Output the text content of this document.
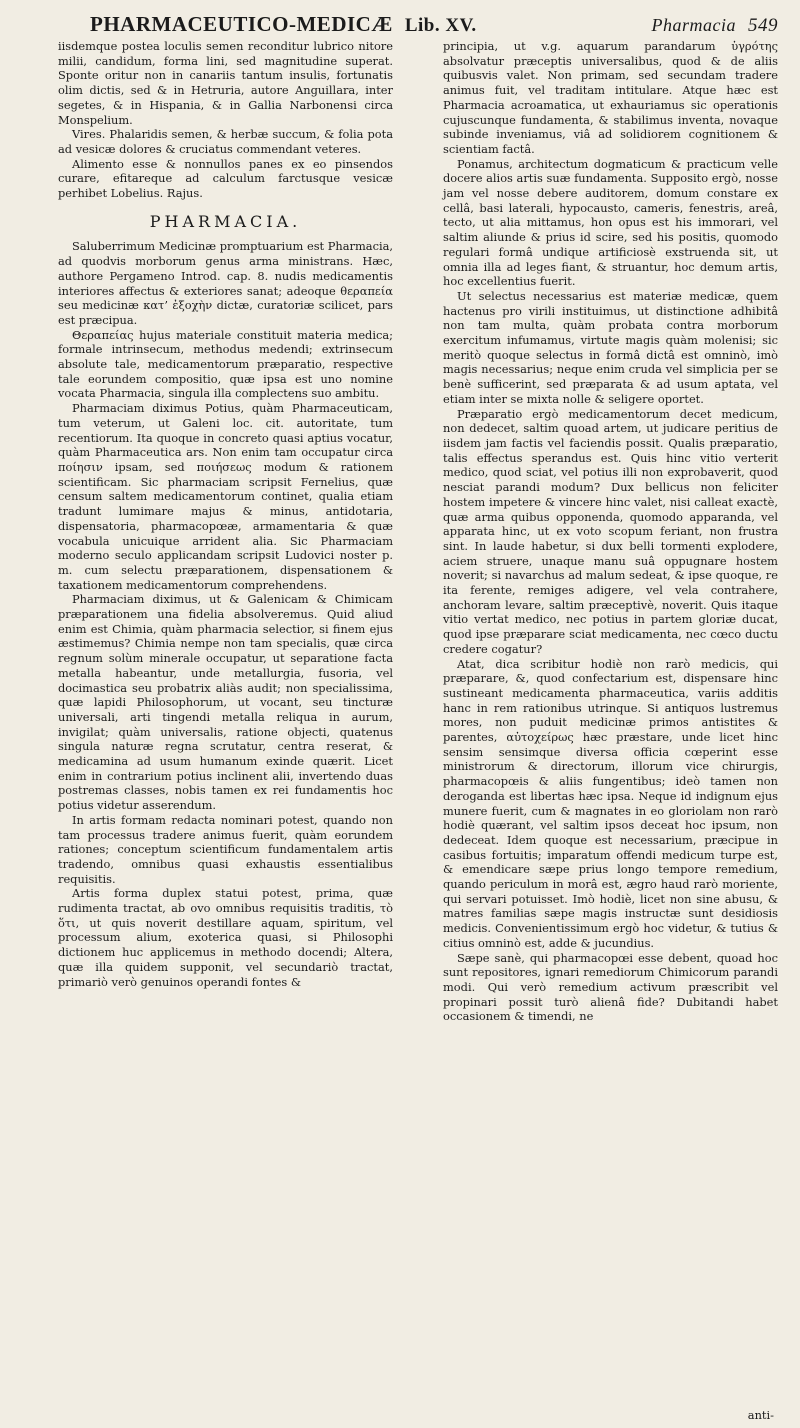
PHARMACEUTICO-MEDICÆ Lib. XV.	Pharmacia 549

iisdemque postea loculis semen reconditur lubrico nitore milii, candidum, forma lini, sed magnitudine superat. Sponte oritur non in canariis tantum insulis, fortunatis olim dictis, sed & in Hetruria, autore Anguillara, inter segetes, & in Hispania, & in Gallia Narbonensi circa Monspelium.

Vires. Phalaridis semen, & herbæ succum, & folia pota ad vesicæ dolores & cruciatus commendant veteres.

Alimento esse & nonnullos panes ex eo pinsendos curare, efitareque ad calculum farctusque vesicæ perhibet Lobelius. Rajus.

PHARMACIA.

Saluberrimum Medicinæ promptuarium est Pharmacia, ad quodvis morborum genus arma ministrans. Hæc, authore Pergameno Introd. cap. 8. nudis medicamentis interiores affectus & exteriores sanat; adeoque θεραπεία seu medicinæ κατ’ ἐξοχὴν dictæ, curatoriæ scilicet, pars est præcipua.

Θεραπείας hujus materiale constituit materia medica; formale intrinsecum, methodus medendi; extrinsecum absolute tale, medicamentorum præparatio, respective tale eorundem compositio, quæ ipsa est uno nomine vocata Pharmacia, singula illa complectens suo ambitu.

Pharmaciam diximus Potius, quàm Pharmaceuticam, tum veterum, ut Galeni loc. cit. autoritate, tum recentiorum. Ita quoque in concreto quasi aptius vocatur, quàm Pharmaceutica ars. Non enim tam occupatur circa ποίησιν ipsam, sed ποιήσεως modum & rationem scientificam. Sic pharmaciam scripsit Fernelius, quæ censum saltem medicamentorum continet, qualia etiam tradunt lumimare majus & minus, antidotaria, dispensatoria, pharmacopœæ, armamentaria & quæ vocabula unicuique arrident alia. Sic Pharmaciam moderno seculo applicandam scripsit Ludovici noster p. m. cum selectu præparationem, dispensationem & taxationem medicamentorum comprehendens.

Pharmaciam diximus, ut & Galenicam & Chimicam præparationem una fidelia absolveremus. Quid aliud enim est Chimia, quàm pharmacia selectior, si finem ejus æstimemus? Chimia nempe non tam specialis, quæ circa regnum solùm minerale occupatur, ut separatione facta metalla habeantur, unde metallurgia, fusoria, vel docimastica seu probatrix aliàs audit; non specialissima, quæ lapidi Philosophorum, ut vocant, seu tincturæ universali, arti tingendi metalla reliqua in aurum, invigilat; quàm universalis, ratione objecti, quatenus singula naturæ regna scrutatur, centra reserat, & medicamina ad usum humanum exinde quærit. Licet enim in contrarium potius inclinent alii, invertendo duas postremas classes, nobis tamen ex rei fundamentis hoc potius videtur asserendum.

In artis formam redacta nominari potest, quando non tam processus tradere animus fuerit, quàm eorundem rationes; conceptum scientificum fundamentalem artis tradendo, omnibus quasi exhaustis essentialibus requisitis.

Artis forma duplex statui potest, prima, quæ rudimenta tractat, ab ovo omnibus requisitis traditis, τὸ ὅτι, ut quis noverit destillare aquam, spiritum, vel processum alium, exoterica quasi, si Philosophi dictionem huc applicemus in methodo docendi; Altera, quæ illa quidem supponit, vel secundariò tractat, primariò verò genuinos operandi fontes &

principia, ut v.g. aquarum parandarum ὑγρότης absolvatur præceptis universalibus, quod & de aliis quibusvis valet. Non primam, sed secundam tradere animus fuit, vel traditam intitulare. Atque hæc est Pharmacia acroamatica, ut exhauriamus sic operationis cujuscunque fundamenta, & stabilimus inventa, novaque subinde inveniamus, viâ ad solidiorem cognitionem & scientiam factâ.

Ponamus, architectum dogmaticum & practicum velle docere alios artis suæ fundamenta. Supposito ergò, nosse jam vel nosse debere auditorem, domum constare ex cellâ, basi laterali, hypocausto, cameris, fenestris, areâ, tecto, ut alia mittamus, hon opus est his immorari, vel saltim aliunde & prius id scire, sed his positis, quomodo regulari formâ undique artificiosè exstruenda sit, ut omnia illa ad leges fiant, & struantur, hoc demum artis, hoc excellentius fuerit.

Ut selectus necessarius est materiæ medicæ, quem hactenus pro virili instituimus, ut distinctione adhibitâ non tam multa, quàm probata contra morborum exercitum infumamus, virtute magis quàm molenisi; sic meritò quoque selectus in formâ dictâ est omninò, imò magis necessarius; neque enim cruda vel simplicia per se benè sufficerint, sed præparata & ad usum aptata, vel etiam inter se mixta nolle & seligere oportet.

Præparatio ergò medicamentorum decet medicum, non dedecet, saltim quoad artem, ut judicare peritius de iisdem jam factis vel faciendis possit. Qualis præparatio, talis effectus sperandus est. Quis hinc vitio verterit medico, quod sciat, vel potius illi non exprobaverit, quod nesciat parandi modum? Dux bellicus non feliciter hostem impetere & vincere hinc valet, nisi calleat exactè, quæ arma quibus opponenda, quomodo apparanda, vel apparata hinc, ut ex voto scopum feriant, non frustra sint. In laude habetur, si dux belli tormenti explodere, aciem struere, unaque manu suâ oppugnare hostem noverit; si navarchus ad malum sedeat, & ipse quoque, re ita ferente, remiges adigere, vel vela contrahere, anchoram levare, saltim præceptivè, noverit. Quis itaque vitio vertat medico, nec potius in partem gloriæ ducat, quod ipse præparare sciat medicamenta, nec cœco ductu credere cogatur?

Atat, dica scribitur hodiè non rarò medicis, qui præparare, &, quod confectarium est, dispensare hinc sustineant medicamenta pharmaceutica, variis additis hanc in rem rationibus utrinque. Si antiquos lustremus mores, non puduit medicinæ primos antistites & parentes, αὐτοχείρως hæc præstare, unde licet hinc sensim sensimque diversa officia cœperint esse ministrorum & directorum, illorum vice chirurgis, pharmacopœis & aliis fungentibus; ideò tamen non deroganda est libertas hæc ipsa. Neque id indignum ejus munere fuerit, cum & magnates in eo gloriolam non rarò hodiè quærant, vel saltim ipsos deceat hoc ipsum, non dedeceat. Idem quoque est necessarium, præcipue in casibus fortuitis; imparatum offendi medicum turpe est, & emendicare sæpe prius longo tempore remedium, quando periculum in morâ est, ægro haud rarò moriente, qui servari potuisset. Imò hodiè, licet non sine abusu, & matres familias sæpe magis instructæ sunt desidiosis medicis. Convenientissimum ergò hoc videtur, & tutius & citius omninò est, adde & jucundius.

Sæpe sanè, qui pharmacopœi esse debent, quoad hoc sunt repositores, ignari remediorum Chimicorum parandi modi. Qui verò remedium activum præscribit vel propinari possit turò alienâ fide? Dubitandi habet occasionem & timendi, ne

anti-
